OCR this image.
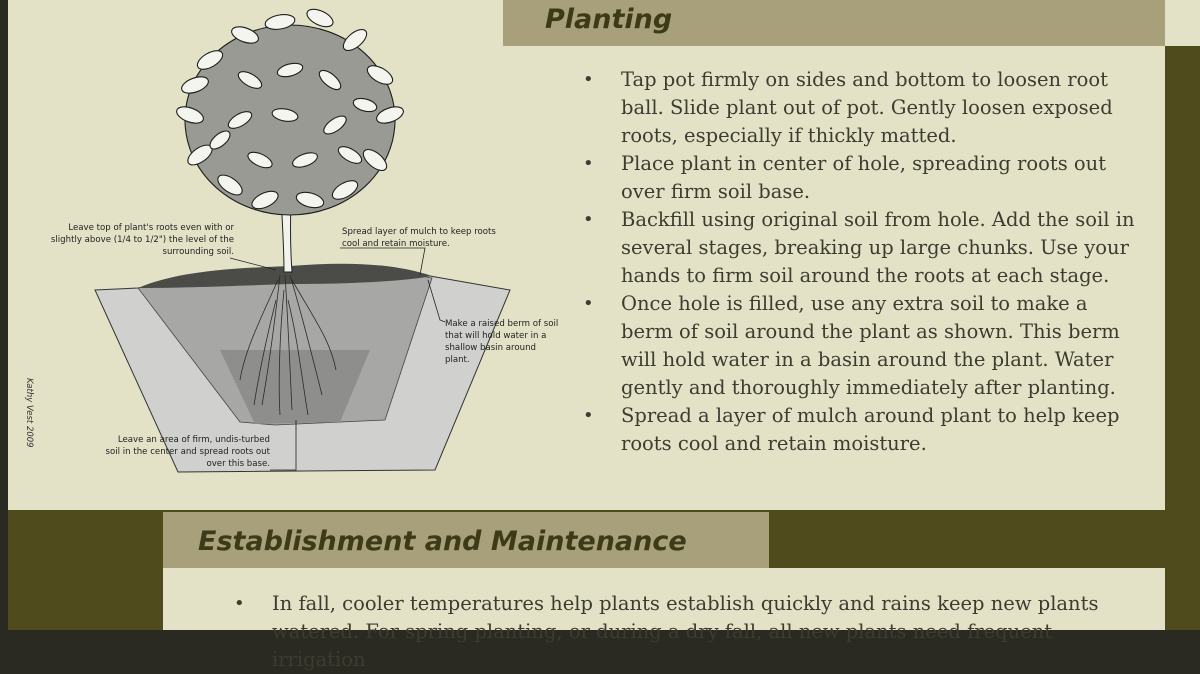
Planting
Leave top of plant's roots even with or slightly above (1/4 to 1/2") the level of the surrounding soil.
Spread layer of mulch to keep roots cool and retain moisture.
Make a raised berm of soil that will hold water in a shallow basin around plant.
Leave an area of firm, undis-turbed soil in the center and spread roots out over this base.
Kathy Vest 2009
• Tap pot firmly on sides and bottom to loosen root ball. Slide plant out of pot. Gently loosen exposed roots, especially if thickly matted.
• Place plant in center of hole, spreading roots out over firm soil base.
• Backfill using original soil from hole. Add the soil in several stages, breaking up large chunks. Use your hands to firm soil around the roots at each stage.
• Once hole is filled, use any extra soil to make a berm of soil around the plant as shown. This berm will hold water in a basin around the plant. Water gently and thoroughly immediately after planting.
• Spread a layer of mulch around plant to help keep roots cool and retain moisture.
Establishment and Maintenance
• In fall, cooler temperatures help plants establish quickly and rains keep new plants watered. For spring planting, or during a dry fall, all new plants need frequent irrigation
